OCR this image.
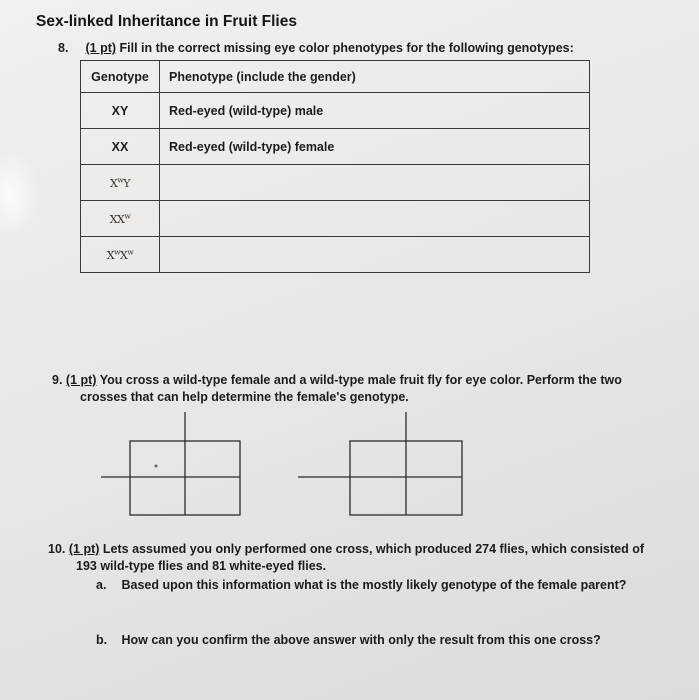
Sex-linked Inheritance in Fruit Flies
8. (1 pt) Fill in the correct missing eye color phenotypes for the following genotypes:
Genotype	Phenotype (include the gender)
XY	Red-eyed (wild-type) male
XX	Red-eyed (wild-type) female
$X^wY$	
$XX^w$	
$X^wX^w$	
9. (1 pt) You cross a wild-type female and a wild-type male fruit fly for eye color. Perform the two
crosses that can help determine the female's genotype.
10. (1 pt) Lets assumed you only performed one cross, which produced 274 flies, which consisted of
193 wild-type flies and 81 white-eyed flies.
a. Based upon this information what is the mostly likely genotype of the female parent?
b. How can you confirm the above answer with only the result from this one cross?
